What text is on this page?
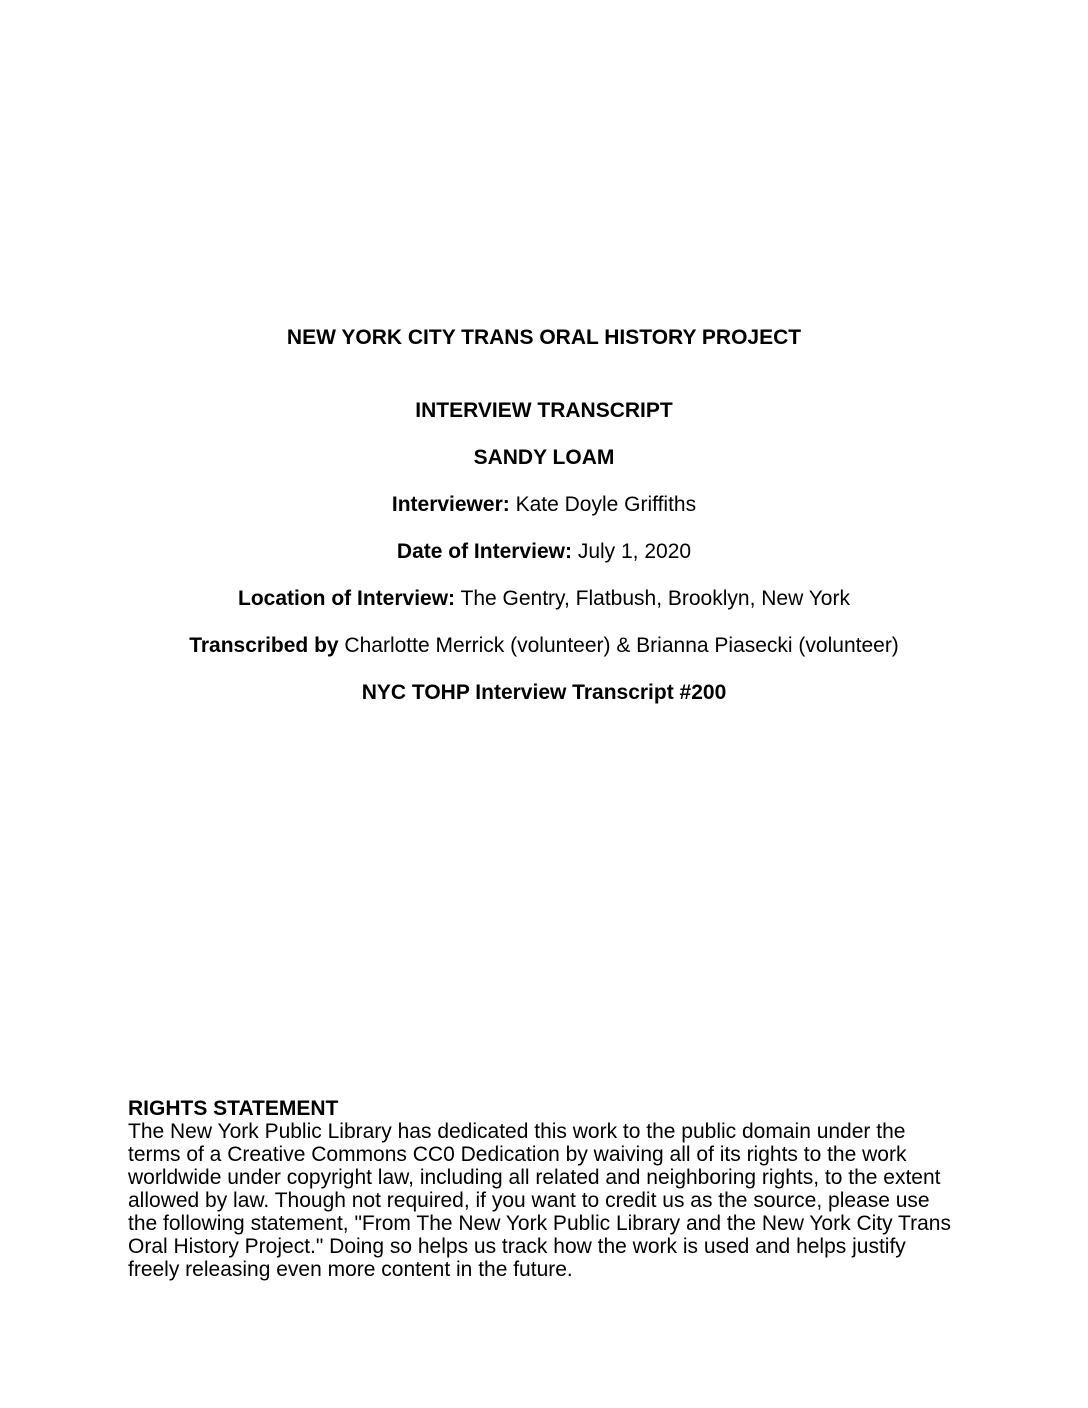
NEW YORK CITY TRANS ORAL HISTORY PROJECT

INTERVIEW TRANSCRIPT

SANDY LOAM

Interviewer: Kate Doyle Griffiths

Date of Interview: July 1, 2020

Location of Interview: The Gentry, Flatbush, Brooklyn, New York

Transcribed by Charlotte Merrick (volunteer) & Brianna Piasecki (volunteer)

NYC TOHP Interview Transcript #200

RIGHTS STATEMENT

The New York Public Library has dedicated this work to the public domain under the terms of a Creative Commons CC0 Dedication by waiving all of its rights to the work worldwide under copyright law, including all related and neighboring rights, to the extent allowed by law. Though not required, if you want to credit us as the source, please use the following statement, "From The New York Public Library and the New York City Trans Oral History Project." Doing so helps us track how the work is used and helps justify freely releasing even more content in the future.
